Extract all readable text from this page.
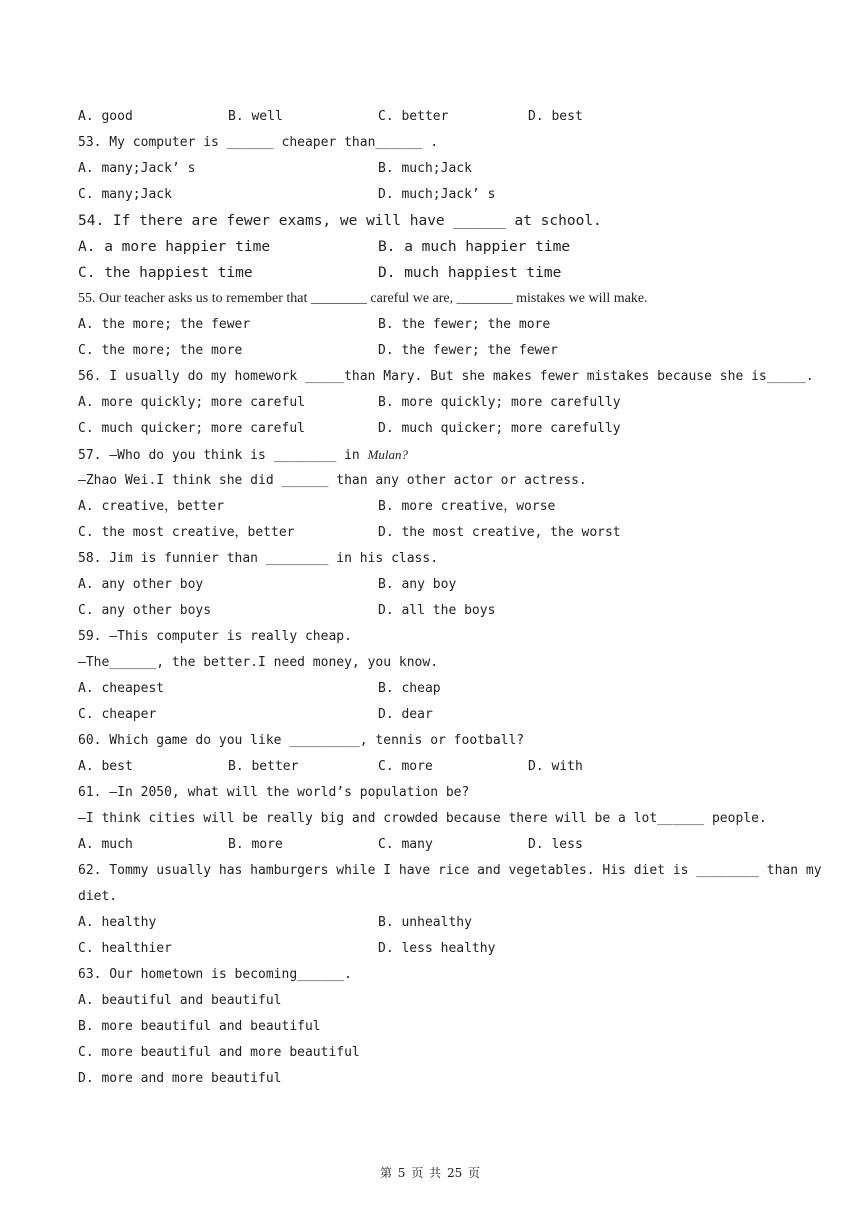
A. good

	B. well

	C. better

	D. best

53. My computer is ______ cheaper than______ .

A. many;Jack’ s

	B. much;Jack

C. many;Jack

	D. much;Jack’ s

54. If there are fewer exams, we will have ______ at school.

A. a more happier time

	B. a much happier time

C. the happiest time

	D. much happiest time

55. Our teacher asks us to remember that ________ careful we are, ________ mistakes we will make.

A. the more; the fewer

	B. the fewer; the more

C. the more; the more

	D. the fewer; the fewer

56. I usually do my homework _____than Mary. But she makes fewer mistakes because she is_____.

A. more quickly; more careful

	B. more quickly; more carefully

C. much quicker; more careful

	D. much quicker; more carefully

57. —Who do you think is ________ in Mulan?
—Zhao Wei.I think she did ______ than any other actor or actress.

A. creative，better

	B. more creative，worse

C. the most creative，better

	D. the most creative, the worst

58. Jim is funnier than ________ in his class.

A. any other boy

	B. any boy

C. any other boys

	D. all the boys

59. —This computer is really cheap.
—The______, the better.I need money, you know.

A. cheapest

	B. cheap

C. cheaper

	D. dear

60. Which game do you like _________, tennis or football?

A. best

	B. better

	C. more

	D. with

61. —In 2050, what will the world’s population be?
—I think cities will be really big and crowded because there will be a lot______ people.

A. much

	B. more

	C. many

	D. less

62. Tommy usually has hamburgers while I have rice and vegetables. His diet is ________ than my
diet.

A. healthy

	B. unhealthy

C. healthier

	D. less healthy

63. Our hometown is becoming______.
A. beautiful and beautiful
B. more beautiful and beautiful
C. more beautiful and more beautiful
D. more and more beautiful
第 5 页 共 25 页
